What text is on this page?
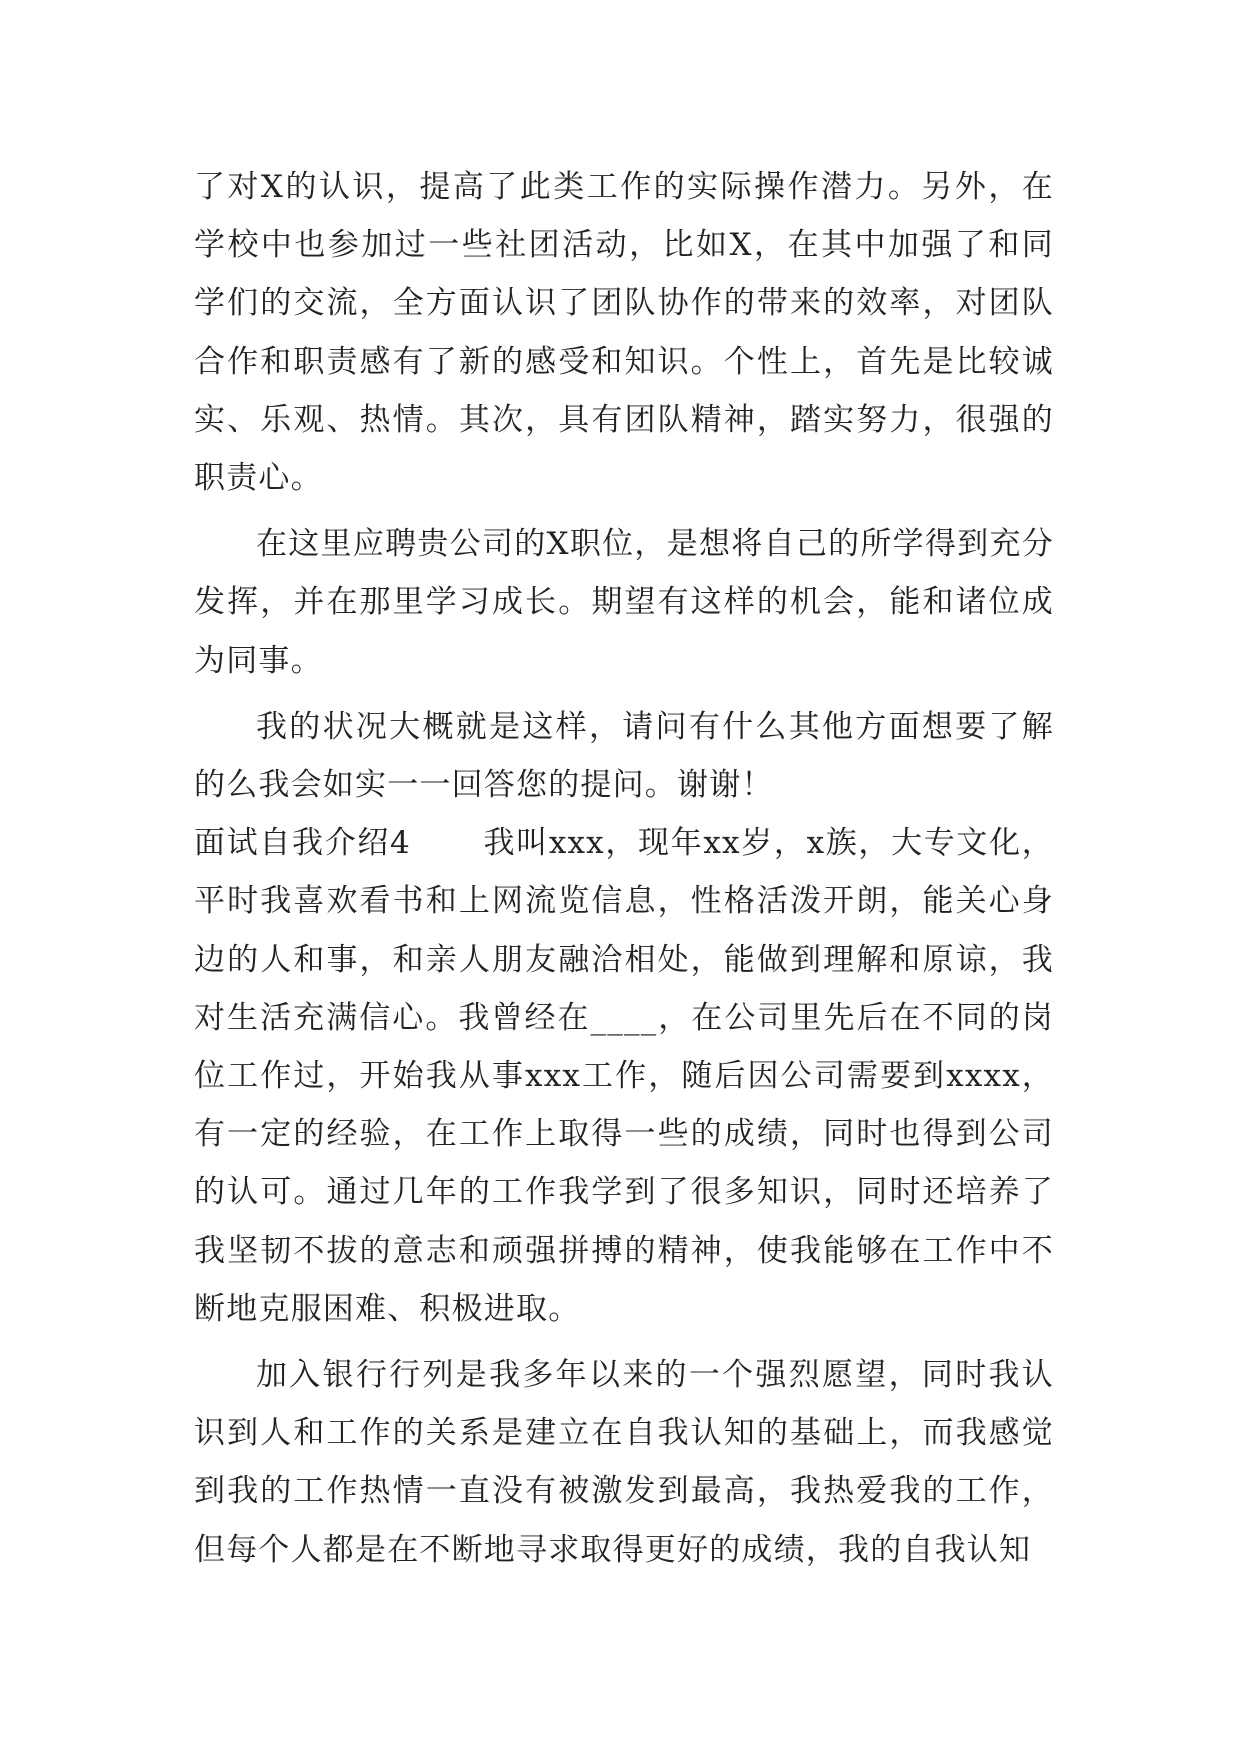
了对X的认识，提高了此类工作的实际操作潜力。另外，在学校中也参加过一些社团活动，比如X，在其中加强了和同学们的交流，全方面认识了团队协作的带来的效率，对团队合作和职责感有了新的感受和知识。个性上，首先是比较诚实、乐观、热情。其次，具有团队精神，踏实努力，很强的职责心。

在这里应聘贵公司的X职位，是想将自己的所学得到充分发挥，并在那里学习成长。期望有这样的机会，能和诸位成为同事。

我的状况大概就是这样，请问有什么其他方面想要了解的么我会如实一一回答您的提问。谢谢！

面试自我介绍4 我叫xxx，现年xx岁，x族，大专文化，平时我喜欢看书和上网流览信息，性格活泼开朗，能关心身边的人和事，和亲人朋友融洽相处，能做到理解和原谅，我对生活充满信心。我曾经在____，在公司里先后在不同的岗位工作过，开始我从事xxx工作，随后因公司需要到xxxx，有一定的经验，在工作上取得一些的成绩，同时也得到公司的认可。通过几年的工作我学到了很多知识，同时还培养了我坚韧不拔的意志和顽强拼搏的精神，使我能够在工作中不断地克服困难、积极进取。

加入银行行列是我多年以来的一个强烈愿望，同时我认识到人和工作的关系是建立在自我认知的基础上，而我感觉到我的工作热情一直没有被激发到最高，我热爱我的工作，但每个人都是在不断地寻求取得更好的成绩，我的自我认知
